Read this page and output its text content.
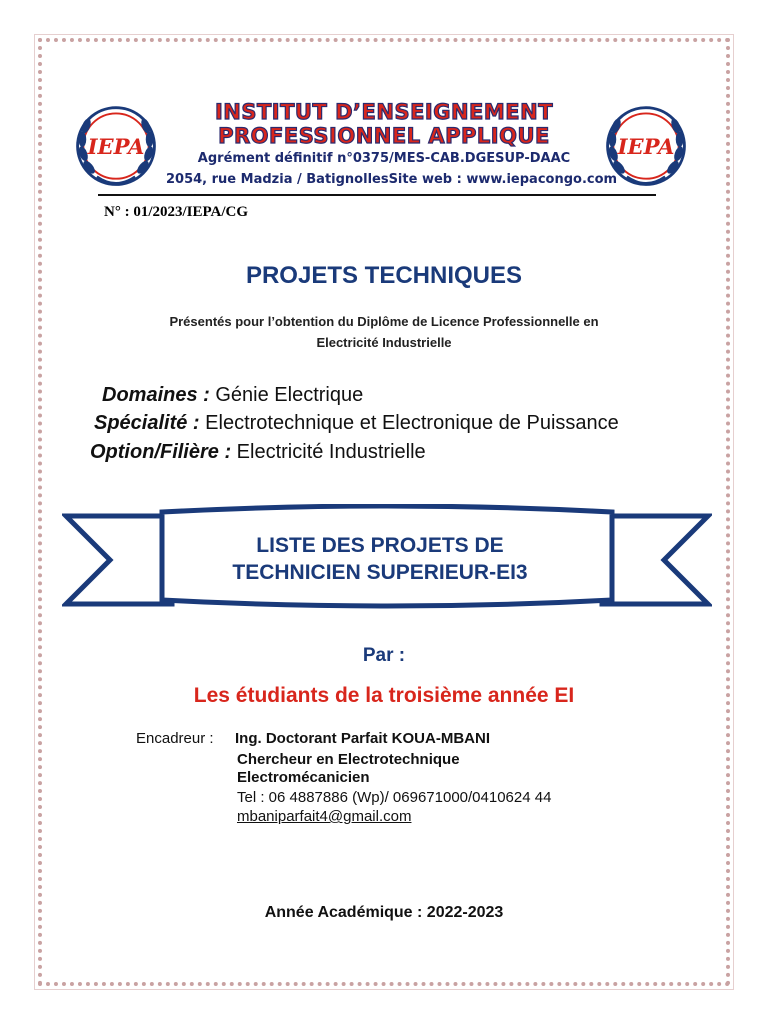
IEPA	IEPA
INSTITUT D’ENSEIGNEMENT
PROFESSIONNEL APPLIQUE
Agrément définitif n°0375/MES-CAB.DGESUP-DAAC
2054, rue Madzia / BatignollesSite web : www.iepacongo.com
N° : 01/2023/IEPA/CG
PROJETS TECHNIQUES
Présentés pour l’obtention du Diplôme de Licence Professionnelle en
Electricité Industrielle
Domaines : Génie Electrique
Spécialité : Electrotechnique et Electronique de Puissance
Option/Filière : Electricité Industrielle
LISTE DES PROJETS DE
TECHNICIEN SUPERIEUR-EI3
Par :
Les étudiants de la troisième année EI
Encadreur : Ing. Doctorant Parfait KOUA-MBANI
Chercheur en Electrotechnique
Electromécanicien
Tel : 06 4887886 (Wp)/ 069671000/0410624 44
mbaniparfait4@gmail.com
Année Académique : 2022-2023
